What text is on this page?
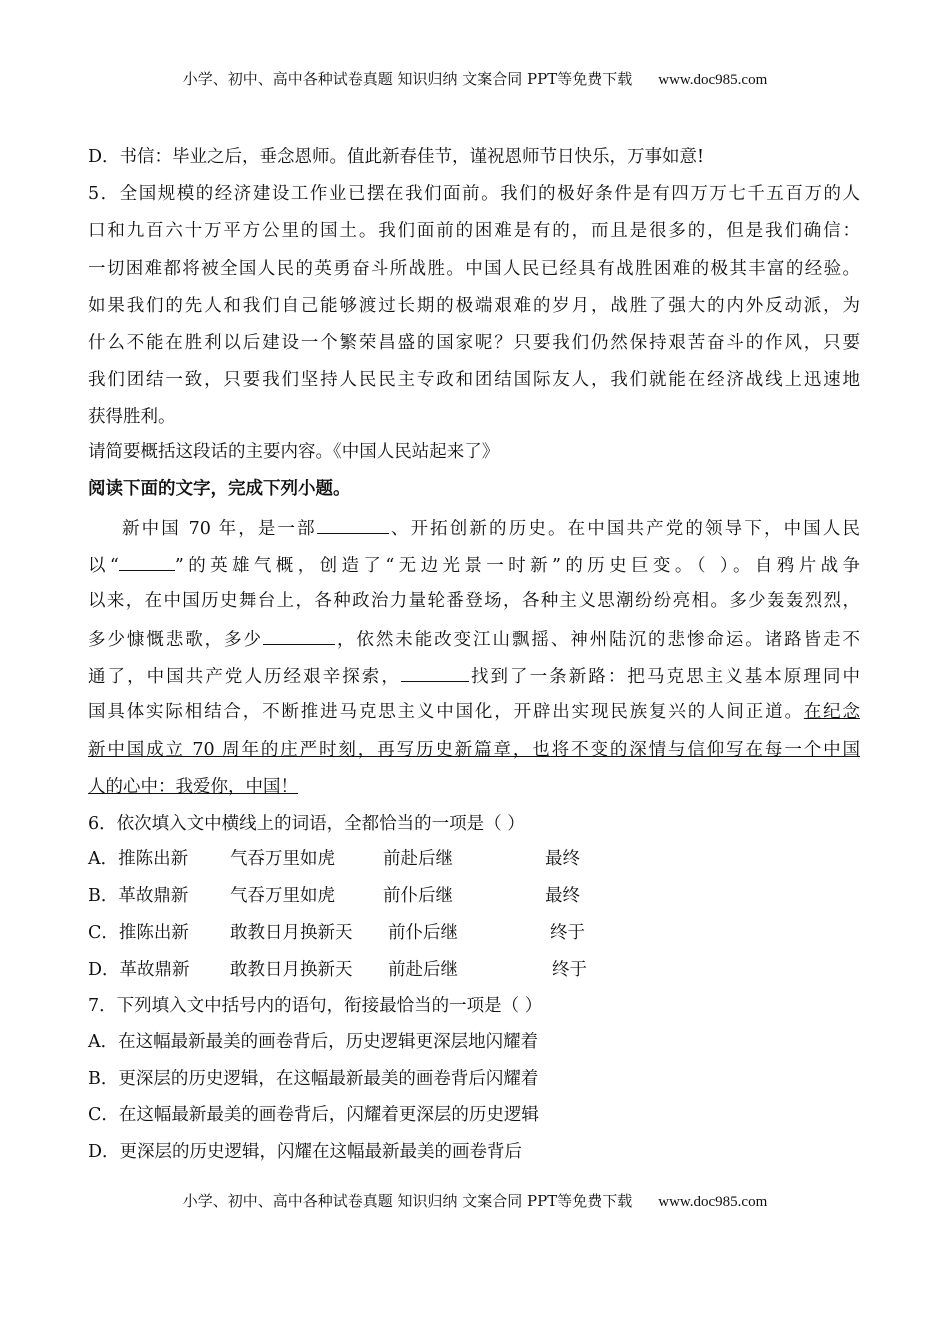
小学、初中、高中各种试卷真题 知识归纳 文案合同 PPT等免费下载 www.doc985.com
D．书信：毕业之后，垂念恩师。值此新春佳节，谨祝恩师节日快乐，万事如意!
5．全国规模的经济建设工作业已摆在我们面前。我们的极好条件是有四万万七千五百万的人
口和九百六十万平方公里的国土。我们面前的困难是有的，而且是很多的，但是我们确信：
一切困难都将被全国人民的英勇奋斗所战胜。中国人民已经具有战胜困难的极其丰富的经验。
如果我们的先人和我们自己能够渡过长期的极端艰难的岁月，战胜了强大的内外反动派，为
什么不能在胜利以后建设一个繁荣昌盛的国家呢？只要我们仍然保持艰苦奋斗的作风，只要
我们团结一致，只要我们坚持人民民主专政和团结国际友人，我们就能在经济战线上迅速地
获得胜利。
请简要概括这段话的主要内容。《中国人民站起来了》
阅读下面的文字，完成下列小题。
新中国 70 年，是一部	、开拓创新的历史。在中国共产党的领导下，中国人民
以“	”的英雄气概，创造了“无边光景一时新”的历史巨变。（ ）。自鸦片战争
以来，在中国历史舞台上，各种政治力量轮番登场，各种主义思潮纷纷亮相。多少轰轰烈烈，
多少慷慨悲歌，多少	，依然未能改变江山飘摇、神州陆沉的悲惨命运。诸路皆走不
通了，中国共产党人历经艰辛探索，	找到了一条新路：把马克思主义基本原理同中
国具体实际相结合，不断推进马克思主义中国化，开辟出实现民族复兴的人间正道。在纪念
新中国成立 70 周年的庄严时刻，再写历史新篇章，也将不变的深情与信仰写在每一个中国
人的心中：我爱你，中国！
6．依次填入文中横线上的词语，全都恰当的一项是（ ）
A．推陈出新 气吞万里如虎	前赴后继	最终
B．革故鼎新 气吞万里如虎	前仆后继	最终
C．推陈出新 敢教日月换新天 前仆后继	终于
D．革故鼎新 敢教日月换新天 前赴后继	终于
7．下列填入文中括号内的语句，衔接最恰当的一项是（ ）
A．在这幅最新最美的画卷背后，历史逻辑更深层地闪耀着
B．更深层的历史逻辑，在这幅最新最美的画卷背后闪耀着
C．在这幅最新最美的画卷背后，闪耀着更深层的历史逻辑
D．更深层的历史逻辑，闪耀在这幅最新最美的画卷背后
小学、初中、高中各种试卷真题 知识归纳 文案合同 PPT等免费下载 www.doc985.com
